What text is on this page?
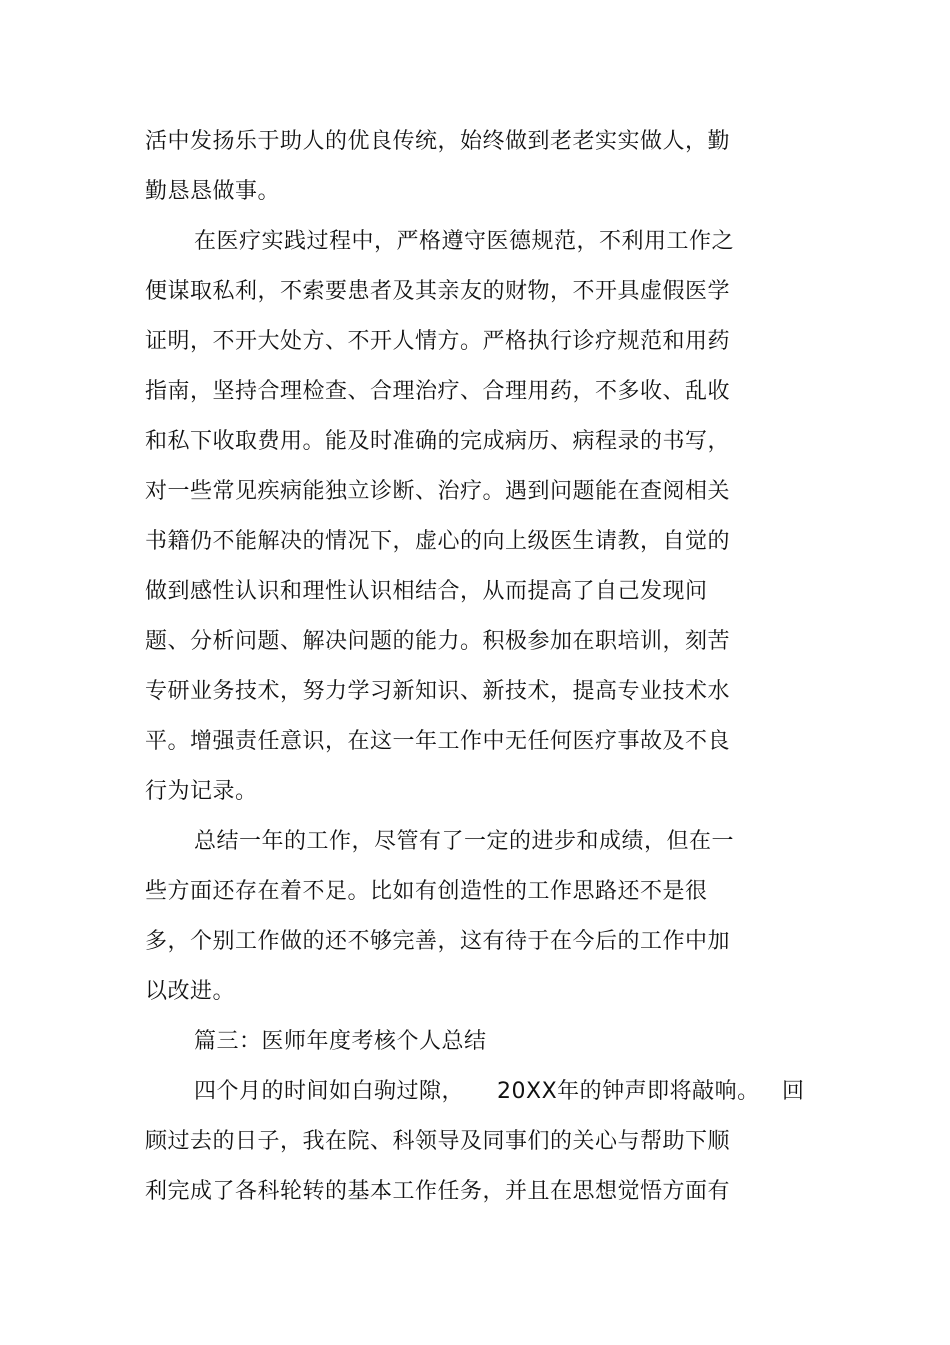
活中发扬乐于助人的优良传统，始终做到老老实实做人，勤
勤恳恳做事。
在医疗实践过程中，严格遵守医德规范，不利用工作之
便谋取私利，不索要患者及其亲友的财物，不开具虚假医学
证明，不开大处方、不开人情方。严格执行诊疗规范和用药
指南，坚持合理检查、合理治疗、合理用药，不多收、乱收
和私下收取费用。能及时准确的完成病历、病程录的书写，
对一些常见疾病能独立诊断、治疗。遇到问题能在查阅相关
书籍仍不能解决的情况下，虚心的向上级医生请教，自觉的
做到感性认识和理性认识相结合，从而提高了自己发现问
题、分析问题、解决问题的能力。积极参加在职培训，刻苦
专研业务技术，努力学习新知识、新技术，提高专业技术水
平。增强责任意识，在这一年工作中无任何医疗事故及不良
行为记录。
总结一年的工作，尽管有了一定的进步和成绩，但在一
些方面还存在着不足。比如有创造性的工作思路还不是很
多，个别工作做的还不够完善，这有待于在今后的工作中加
以改进。
篇三：医师年度考核个人总结
四个月的时间如白驹过隙， 20XX年的钟声即将敲响。 回
顾过去的日子，我在院、科领导及同事们的关心与帮助下顺
利完成了各科轮转的基本工作任务，并且在思想觉悟方面有
